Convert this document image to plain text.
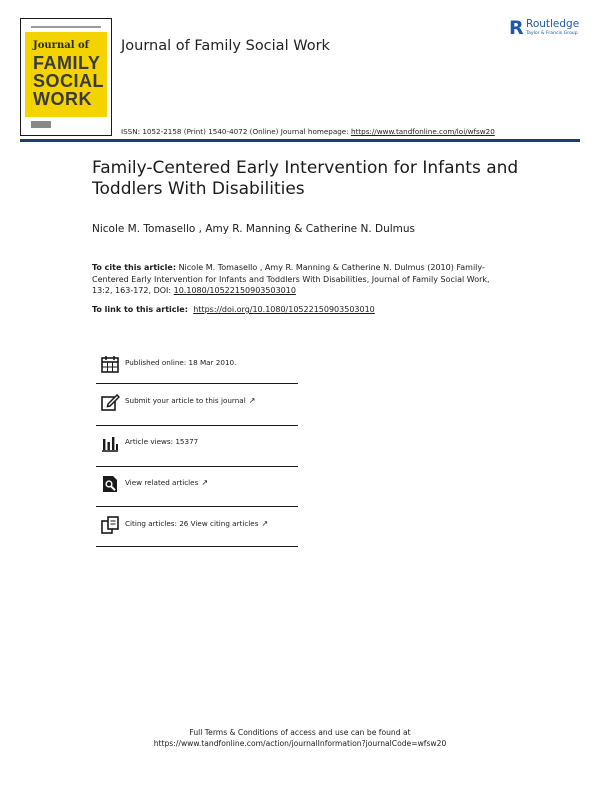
Journal of
FAMILY
SOCIAL
WORK
Journal of Family Social Work
ISSN: 1052-2158 (Print) 1540-4072 (Online) Journal homepage: https://www.tandfonline.com/loi/wfsw20
R Routledge
Taylor & Francis Group
Family-Centered Early Intervention for Infants and Toddlers With Disabilities
Nicole M. Tomasello , Amy R. Manning & Catherine N. Dulmus
To cite this article: Nicole M. Tomasello , Amy R. Manning & Catherine N. Dulmus (2010) Family-Centered Early Intervention for Infants and Toddlers With Disabilities, Journal of Family Social Work, 13:2, 163-172, DOI: 10.1080/10522150903503010
To link to this article:  https://doi.org/10.1080/10522150903503010
Published online: 18 Mar 2010.
Submit your article to this journal ↗
Article views: 15377
View related articles ↗
Citing articles: 26 View citing articles ↗
Full Terms & Conditions of access and use can be found at
https://www.tandfonline.com/action/journalInformation?journalCode=wfsw20
